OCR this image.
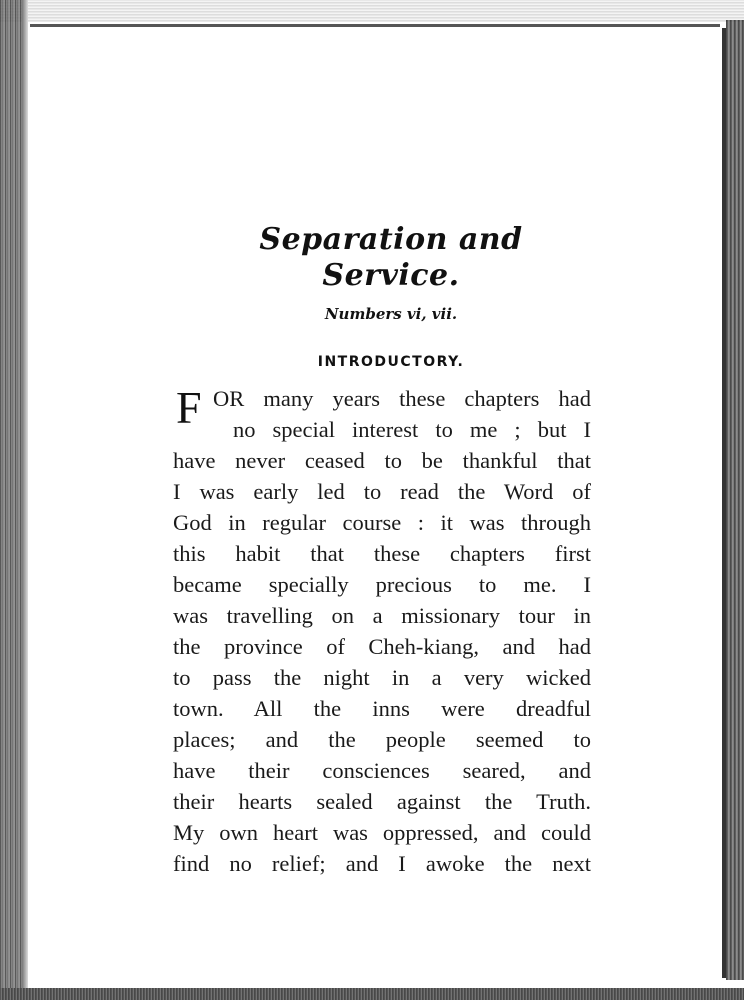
Separation and Service.
Numbers vi, vii.
INTRODUCTORY.
F OR many years these chapters had
no special interest to me ; but I
have never ceased to be thankful that
I was early led to read the Word of
God in regular course : it was through
this habit that these chapters first
became specially precious to me. I
was travelling on a missionary tour in
the province of Cheh-kiang, and had
to pass the night in a very wicked
town. All the inns were dreadful
places; and the people seemed to
have their consciences seared, and
their hearts sealed against the Truth.
My own heart was oppressed, and could
find no relief; and I awoke the next
